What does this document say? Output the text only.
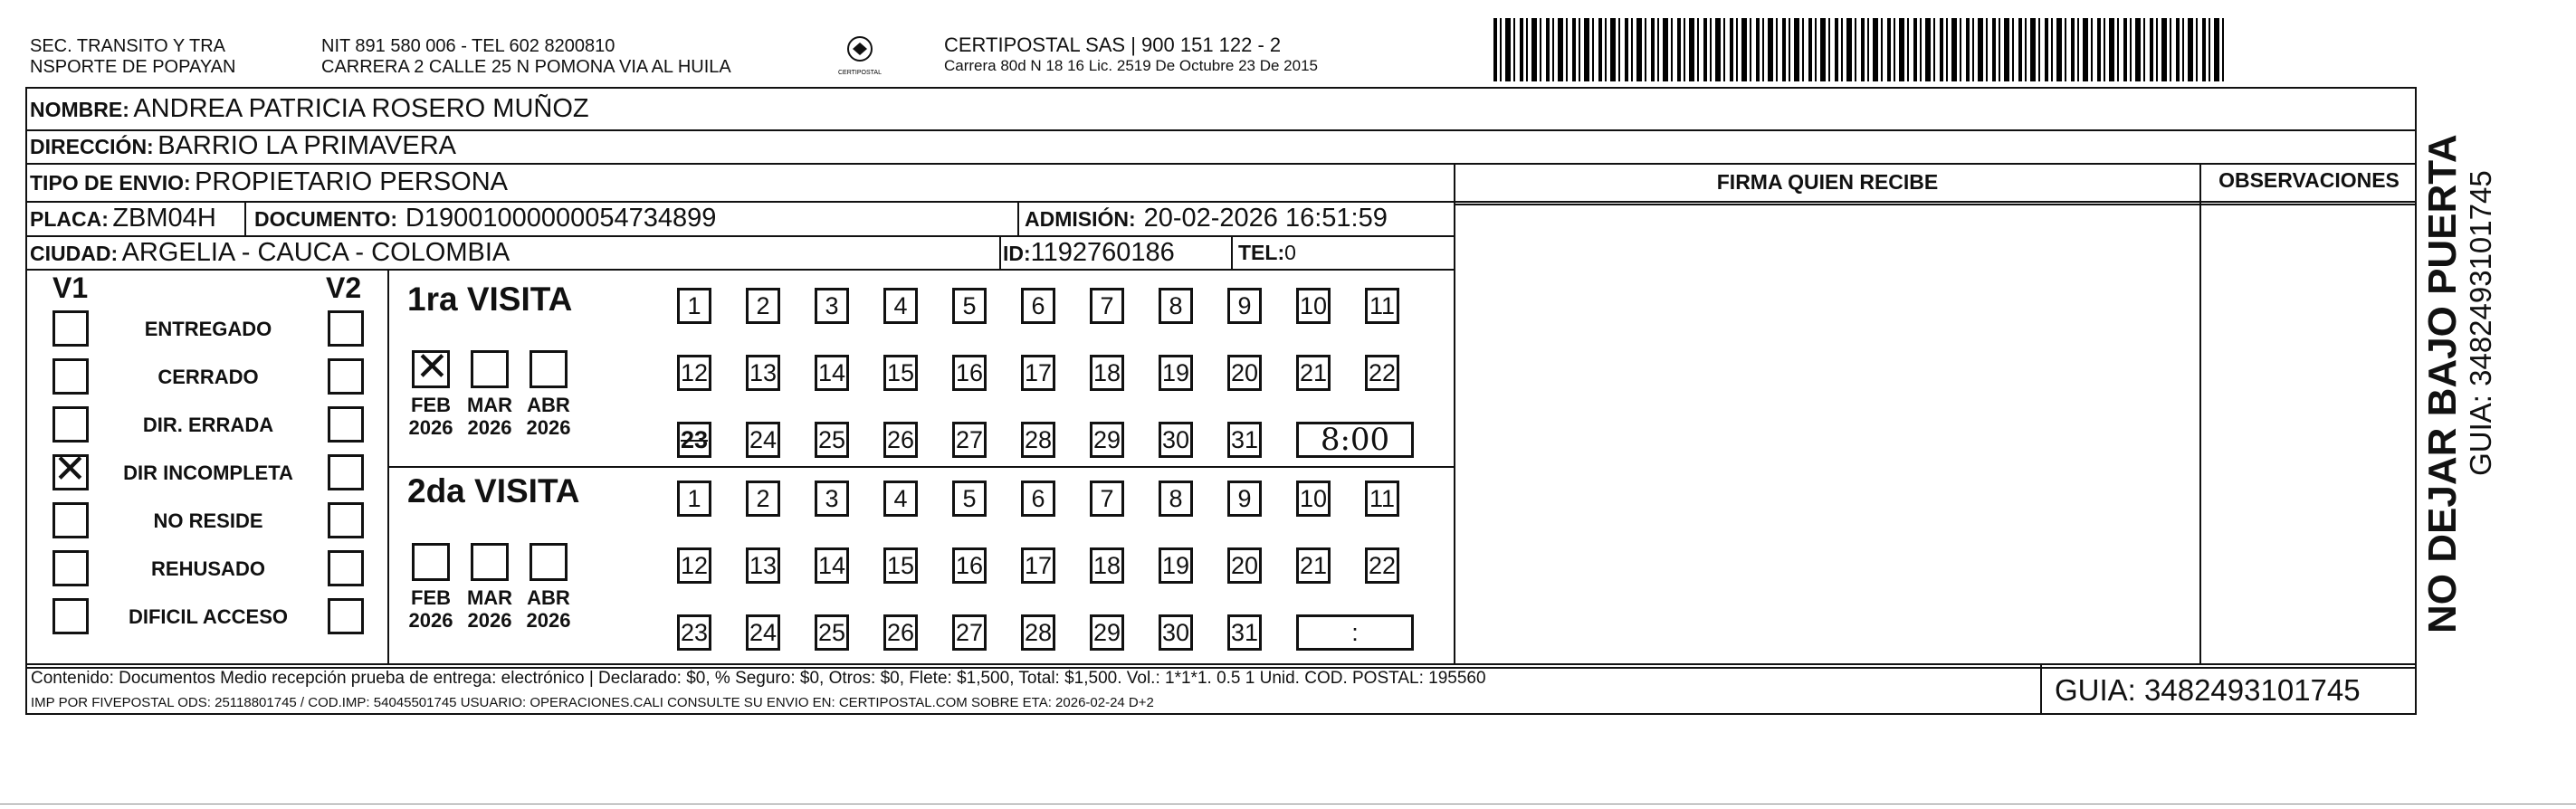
SEC. TRANSITO Y TRA
NSPORTE DE POPAYAN
NIT 891 580 006 - TEL 602 8200810
CARRERA 2 CALLE 25 N POMONA VIA AL HUILA	CERTIPOSTAL
CERTIPOSTAL SAS | 900 151 122 - 2
Carrera 80d N 18 16 Lic. 2519 De Octubre 23 De 2015
NOMBRE: ANDREA PATRICIA ROSERO MUÑOZ
DIRECCIÓN: BARRIO LA PRIMAVERA
TIPO DE ENVIO: PROPIETARIO PERSONA
PLACA: ZBM04H DOCUMENTO: D19001000000054734899	ADMISIÓN: 20-02-2026 16:51:59
CIUDAD: ARGELIA - CAUCA - COLOMBIA	ID:1192760186	TEL:0
FIRMA QUIEN RECIBE	OBSERVACIONES
V1	V2
ENTREGADO
CERRADO
DIR. ERRADA
✕	DIR INCOMPLETA
NO RESIDE
REHUSADO
DIFICIL ACCESO
1ra VISITA
2da VISITA
✕
FEB
2026
MAR
2026
ABR
2026
FEB
2026
MAR
2026
ABR
2026
1	2	3	4	5	6	7	8	9	10 11
12 13 14 15 16 17 18 19 20 21 22
23 24 25 26 27 28 29 30 31	8:00
1	2	3	4	5	6	7	8	9	10 11
12 13 14 15 16 17 18 19 20 21 22
23 24 25 26 27 28 29 30 31	:
Contenido: Documentos Medio recepción prueba de entrega: electrónico | Declarado: $0, % Seguro: $0, Otros: $0, Flete: $1,500, Total: $1,500. Vol.: 1*1*1. 0.5 1 Unid. COD. POSTAL: 195560
IMP POR FIVEPOSTAL ODS: 25118801745 / COD.IMP: 54045501745 USUARIO: OPERACIONES.CALI CONSULTE SU ENVIO EN: CERTIPOSTAL.COM SOBRE ETA: 2026-02-24 D+2	GUIA: 3482493101745
NO DEJAR BAJO PUERTA GUIA: 3482493101745
